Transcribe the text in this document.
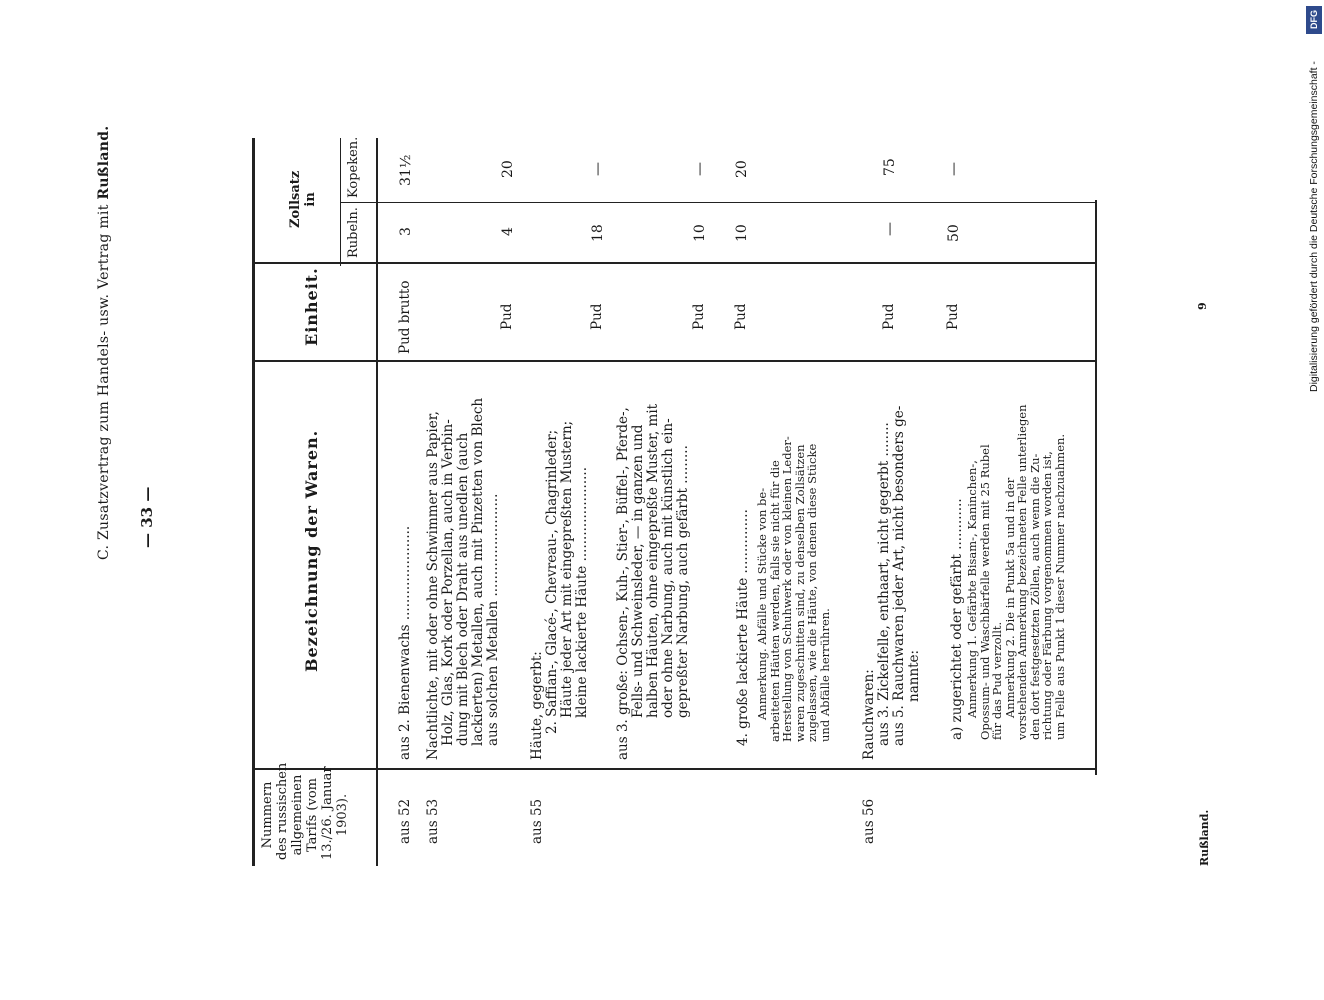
Digitalisierung gefördert durch die Deutsche Forschungsgemeinschaft -
DFG
C. Zusatzvertrag zum Handels- usw. Vertrag mit Rußland.
— 33 —
Nummern des russischen allgemeinen Tarifs (vom 13./26. Januar 1903).
Bezeichnung der Waren.
Einheit.
Zollsatz in
Rubeln.
Kopeken.
aus 52
aus 2. Bienenwachs ......................
Pud brutto
3
31½
aus 53
Nachtlichte, mit oder ohne Schwimmer aus Papier, Holz, Glas, Kork oder Porzellan, auch in Verbin- dung mit Blech oder Draht aus unedlen (auch lackierten) Metallen, auch mit Pinzetten von Blech aus solchen Metallen ........................
Pud
4
20
aus 55
Häute, gegerbt: 2. Saffian-, Glacé-, Chevreau-, Chagrinleder; Häute jeder Art mit eingepreßten Mustern; kleine lackierte Häute ......................
Pud
18
—
aus 3. große: Ochsen-, Kuh-, Stier-, Büffel-, Pferde-, Fells- und Schweinsleder, — in ganzen und halben Häuten, ohne eingepreßte Muster, mit oder ohne Narbung, auch mit künstlich ein- gepreßter Narbung, auch gefärbt .........
Pud
10
—
4. große lackierte Häute ............... Anmerkung. Abfälle und Stücke von be-
arbeiteten Häuten werden, falls sie nicht für die
Herstellung von Schuhwerk oder von kleinen Leder-
waren zugeschnitten sind, zu denselben Zollsätzen
zugelassen, wie die Häute, von denen diese Stücke
und Abfälle herrühren.
Pud
10
20
aus 56
Rauchwaren: aus 3. Zickelfelle, enthaart, nicht gegerbt ........ aus 5. Rauchwaren jeder Art, nicht besonders ge- nannte:
Pud
—
75
a) zugerichtet oder gefärbt ............ Anmerkung 1. Gefärbte Bisam-, Kaninchen-,
Opossum- und Waschbärfelle werden mit 25 Rubel
für das Pud verzollt.
Anmerkung 2. Die in Punkt 5a und in der
vorstehenden Anmerkung bezeichneten Felle unterliegen
den dort festgesetzten Zöllen, auch wenn die Zu-
richtung oder Färbung vorgenommen worden ist,
um Felle aus Punkt 1 dieser Nummer nachzuahmen.
Pud
50
—
9
Rußland.
